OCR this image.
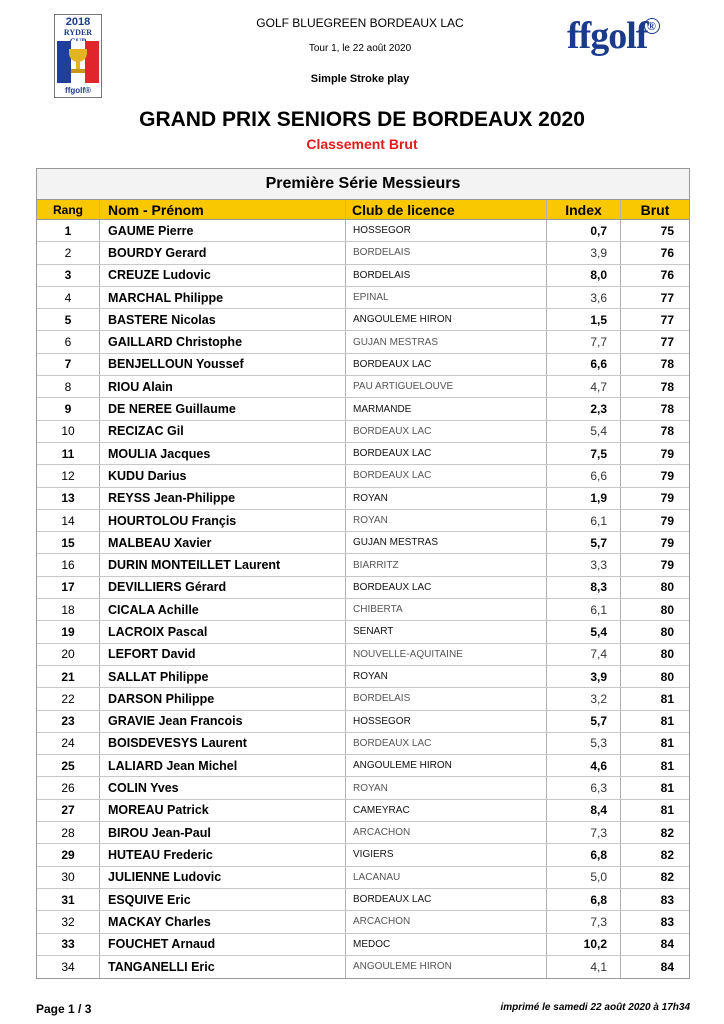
2018
RYDER
ffgolf®
GOLF BLUEGREEN BORDEAUX LAC
Tour 1, le 22 août 2020
Simple Stroke play
ffgolf ®
GRAND PRIX SENIORS DE BORDEAUX 2020
Classement Brut
Première Série Messieurs
Rang	Nom - Prénom	Club de licence	Index	Brut
1	GAUME Pierre	HOSSEGOR	0,7	75
2	BOURDY Gerard	BORDELAIS	3,9	76
3	CREUZE Ludovic	BORDELAIS	8,0	76
4	MARCHAL Philippe	EPINAL	3,6	77
5	BASTERE Nicolas	ANGOULEME HIRON	1,5	77
6	GAILLARD Christophe	GUJAN MESTRAS	7,7	77
7	BENJELLOUN Youssef	BORDEAUX LAC	6,6	78
8	RIOU Alain	PAU ARTIGUELOUVE	4,7	78
9	DE NEREE Guillaume	MARMANDE	2,3	78
10	RECIZAC Gil	BORDEAUX LAC	5,4	78
11	MOULIA Jacques	BORDEAUX LAC	7,5	79
12	KUDU Darius	BORDEAUX LAC	6,6	79
13	REYSS Jean-Philippe	ROYAN	1,9	79
14	HOURTOLOU Françis	ROYAN	6,1	79
15	MALBEAU Xavier	GUJAN MESTRAS	5,7	79
16	DURIN MONTEILLET Laurent	BIARRITZ	3,3	79
17	DEVILLIERS Gérard	BORDEAUX LAC	8,3	80
18	CICALA Achille	CHIBERTA	6,1	80
19	LACROIX Pascal	SENART	5,4	80
20	LEFORT David	NOUVELLE-AQUITAINE	7,4	80
21	SALLAT Philippe	ROYAN	3,9	80
22	DARSON Philippe	BORDELAIS	3,2	81
23	GRAVIE Jean Francois	HOSSEGOR	5,7	81
24	BOISDEVESYS Laurent	BORDEAUX LAC	5,3	81
25	LALIARD Jean Michel	ANGOULEME HIRON	4,6	81
26	COLIN Yves	ROYAN	6,3	81
27	MOREAU Patrick	CAMEYRAC	8,4	81
28	BIROU Jean-Paul	ARCACHON	7,3	82
29	HUTEAU Frederic	VIGIERS	6,8	82
30	JULIENNE Ludovic	LACANAU	5,0	82
31	ESQUIVE Eric	BORDEAUX LAC	6,8	83
32	MACKAY Charles	ARCACHON	7,3	83
33	FOUCHET Arnaud	MEDOC	10,2	84
34	TANGANELLI Eric	ANGOULEME HIRON	4,1	84
Page 1 / 3	imprimé le samedi 22 août 2020 à 17h34
